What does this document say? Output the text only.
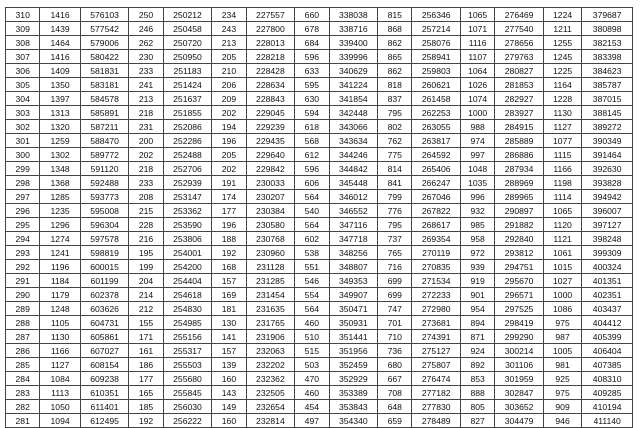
310	1416	576103	250	250212	234	227557	660	338038	815	256346	1065	276469	1224	379687
309	1439	577542	246	250458	243	227800	678	338716	868	257214	1071	277540	1211	380898
308	1464	579006	262	250720	213	228013	684	339400	862	258076	1116	278656	1255	382153
307	1416	580422	230	250950	205	228218	596	339996	865	258941	1107	279763	1245	383398
306	1409	581831	233	251183	210	228428	633	340629	862	259803	1064	280827	1225	384623
305	1350	583181	241	251424	206	228634	595	341224	818	260621	1026	281853	1164	385787
304	1397	584578	213	251637	209	228843	630	341854	837	261458	1074	282927	1228	387015
303	1313	585891	218	251855	202	229045	594	342448	795	262253	1000	283927	1130	388145
302	1320	587211	231	252086	194	229239	618	343066	802	263055	988	284915	1127	389272
301	1259	588470	200	252286	196	229435	568	343634	762	263817	974	285889	1077	390349
300	1302	589772	202	252488	205	229640	612	344246	775	264592	997	286886	1115	391464
299	1348	591120	218	252706	202	229842	596	344842	814	265406	1048	287934	1166	392630
298	1368	592488	233	252939	191	230033	606	345448	841	266247	1035	288969	1198	393828
297	1285	593773	208	253147	174	230207	564	346012	799	267046	996	289965	1114	394942
296	1235	595008	215	253362	177	230384	540	346552	776	267822	932	290897	1065	396007
295	1296	596304	228	253590	196	230580	564	347116	795	268617	985	291882	1120	397127
294	1274	597578	216	253806	188	230768	602	347718	737	269354	958	292840	1121	398248
293	1241	598819	195	254001	192	230960	538	348256	765	270119	972	293812	1061	399309
292	1196	600015	199	254200	168	231128	551	348807	716	270835	939	294751	1015	400324
291	1184	601199	204	254404	157	231285	546	349353	699	271534	919	295670	1027	401351
290	1179	602378	214	254618	169	231454	554	349907	699	272233	901	296571	1000	402351
289	1248	603626	212	254830	181	231635	564	350471	747	272980	954	297525	1086	403437
288	1105	604731	155	254985	130	231765	460	350931	701	273681	894	298419	975	404412
287	1130	605861	171	255156	141	231906	510	351441	710	274391	871	299290	987	405399
286	1166	607027	161	255317	157	232063	515	351956	736	275127	924	300214	1005	406404
285	1127	608154	186	255503	139	232202	503	352459	680	275807	892	301106	981	407385
284	1084	609238	177	255680	160	232362	470	352929	667	276474	853	301959	925	408310
283	1113	610351	165	255845	143	232505	460	353389	708	277182	888	302847	975	409285
282	1050	611401	185	256030	149	232654	454	353843	648	277830	805	303652	909	410194
281	1094	612495	192	256222	160	232814	497	354340	659	278489	827	304479	946	411140
